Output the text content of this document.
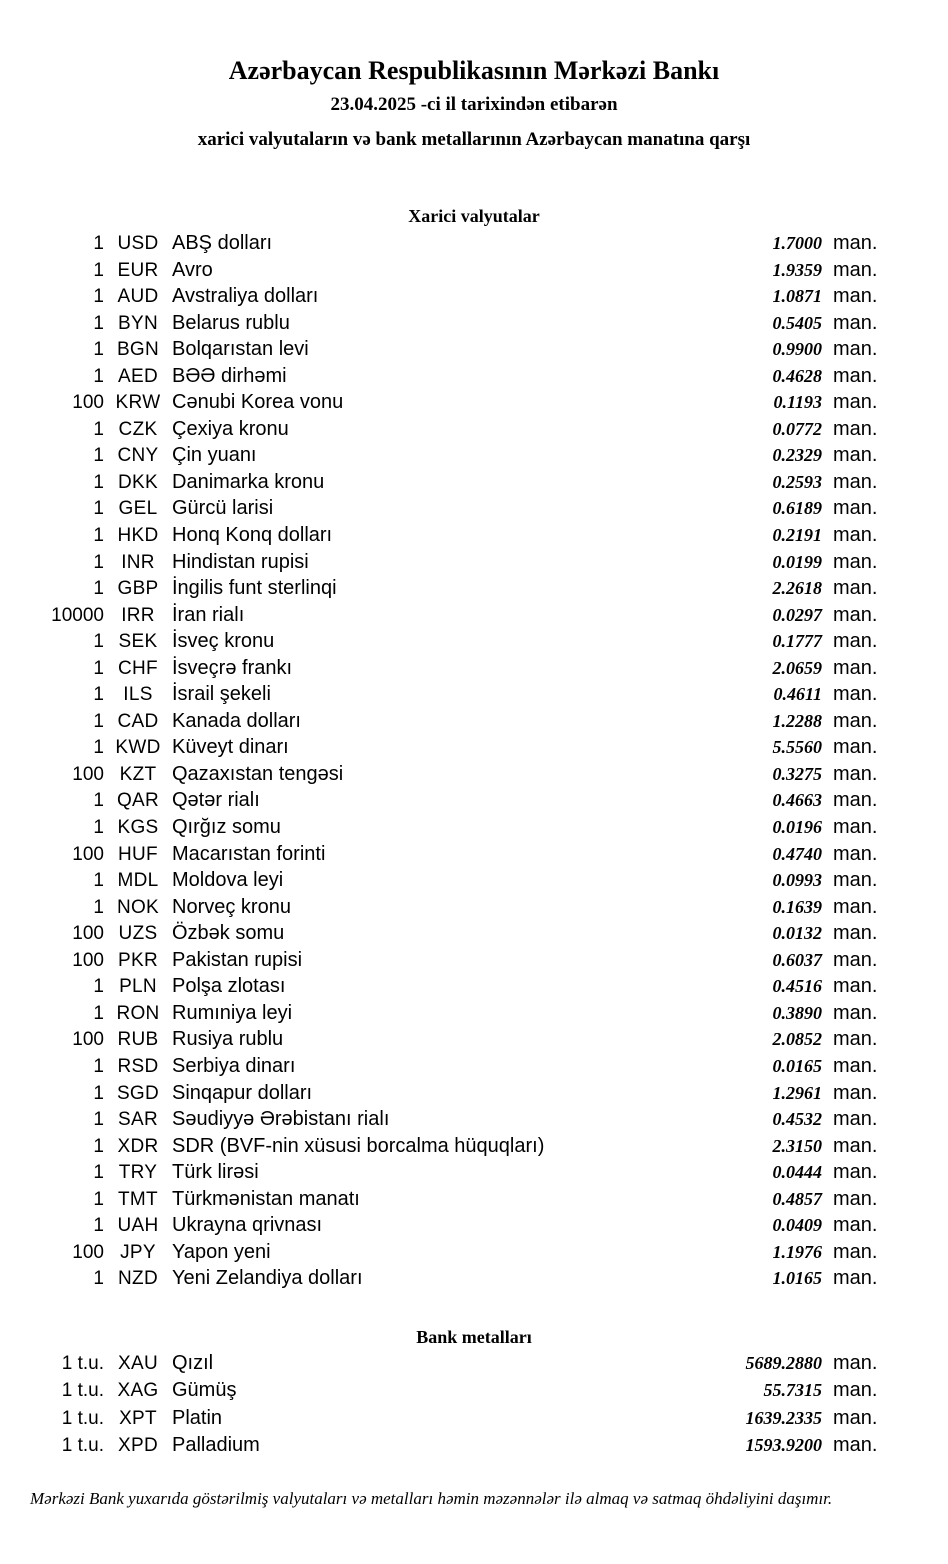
Azərbaycan Respublikasının Mərkəzi Bankı
23.04.2025 -ci il tarixindən etibarən
xarici valyutaların və bank metallarının Azərbaycan manatına qarşı
Xarici valyutalar
1 USD ABŞ dolları	1.7000 man.
1 EUR Avro	1.9359 man.
1 AUD Avstraliya dolları	1.0871 man.
1 BYN Belarus rublu	0.5405 man.
1 BGN Bolqarıstan levi	0.9900 man.
1 AED BƏƏ dirhəmi	0.4628 man.
100 KRW Cənubi Korea vonu	0.1193 man.
1 CZK Çexiya kronu	0.0772 man.
1 CNY Çin yuanı	0.2329 man.
1 DKK Danimarka kronu	0.2593 man.
1 GEL Gürcü larisi	0.6189 man.
1 HKD Honq Konq dolları	0.2191 man.
1 INR Hindistan rupisi	0.0199 man.
1 GBP İngilis funt sterlinqi	2.2618 man.
10000 IRR İran rialı	0.0297 man.
1 SEK İsveç kronu	0.1777 man.
1 CHF İsveçrə frankı	2.0659 man.
1	ILS İsrail şekeli	0.4611 man.
1 CAD Kanada dolları	1.2288 man.
1 KWD Küveyt dinarı	5.5560 man.
100 KZT Qazaxıstan tengəsi	0.3275 man.
1 QAR Qətər rialı	0.4663 man.
1 KGS Qırğız somu	0.0196 man.
100 HUF Macarıstan forinti	0.4740 man.
1 MDL Moldova leyi	0.0993 man.
1 NOK Norveç kronu	0.1639 man.
100 UZS Özbək somu	0.0132 man.
100 PKR Pakistan rupisi	0.6037 man.
1 PLN Polşa zlotası	0.4516 man.
1 RON Rumıniya leyi	0.3890 man.
100 RUB Rusiya rublu	2.0852 man.
1 RSD Serbiya dinarı	0.0165 man.
1 SGD Sinqapur dolları	1.2961 man.
1 SAR Səudiyyə Ərəbistanı rialı	0.4532 man.
1 XDR SDR (BVF-nin xüsusi borcalma hüquqları)	2.3150 man.
1 TRY Türk lirəsi	0.0444 man.
1 TMT Türkmənistan manatı	0.4857 man.
1 UAH Ukrayna qrivnası	0.0409 man.
100 JPY Yapon yeni	1.1976 man.
1 NZD Yeni Zelandiya dolları	1.0165 man.
Bank metalları
1 t.u. XAU Qızıl	5689.2880 man.
1 t.u. XAG Gümüş	55.7315 man.
1 t.u. XPT Platin	1639.2335 man.
1 t.u. XPD Palladium	1593.9200 man.
Mərkəzi Bank yuxarıda göstərilmiş valyutaları və metalları həmin məzənnələr ilə almaq və satmaq öhdəliyini daşımır.
